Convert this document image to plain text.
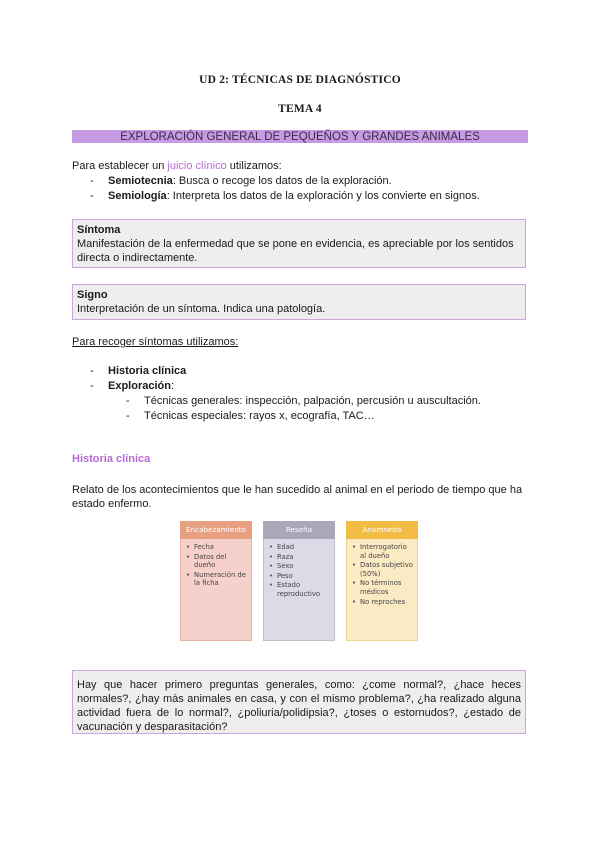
UD 2: TÉCNICAS DE DIAGNÓSTICO
TEMA 4
EXPLORACIÓN GENERAL DE PEQUEÑOS Y GRANDES ANIMALES
Para establecer un juicio clínico utilizamos:
- Semiotecnia: Busca o recoge los datos de la exploración.
- Semiología: Interpreta los datos de la exploración y los convierte en signos.
Síntoma
Manifestación de la enfermedad que se pone en evidencia, es apreciable por los sentidos directa o indirectamente.
Signo
Interpretación de un síntoma. Indica una patología.
Para recoger síntomas utilizamos:
- Historia clínica
- Exploración:
- Técnicas generales: inspección, palpación, percusión u auscultación.
- Técnicas especiales: rayos x, ecografía, TAC…
Historia clínica
Relato de los acontecimientos que le han sucedido al animal en el periodo de tiempo que ha estado enfermo.
Encabezamiento
• Fecha
• Datos del dueño
• Numeración de la ficha
Reseña
• Edad
• Raza
• Sexo
• Peso
• Estado reproductivo
Anamnesis
• Interrogatorio al dueño
• Datos subjetivo (50%)
• No términos médicos
• No reproches
Hay que hacer primero preguntas generales, como: ¿come normal?, ¿hace heces normales?, ¿hay más animales en casa, y con el mismo problema?, ¿ha realizado alguna actividad fuera de lo normal?, ¿poliuria/polidipsia?, ¿toses o estornudos?, ¿estado de vacunación y desparasitación?
